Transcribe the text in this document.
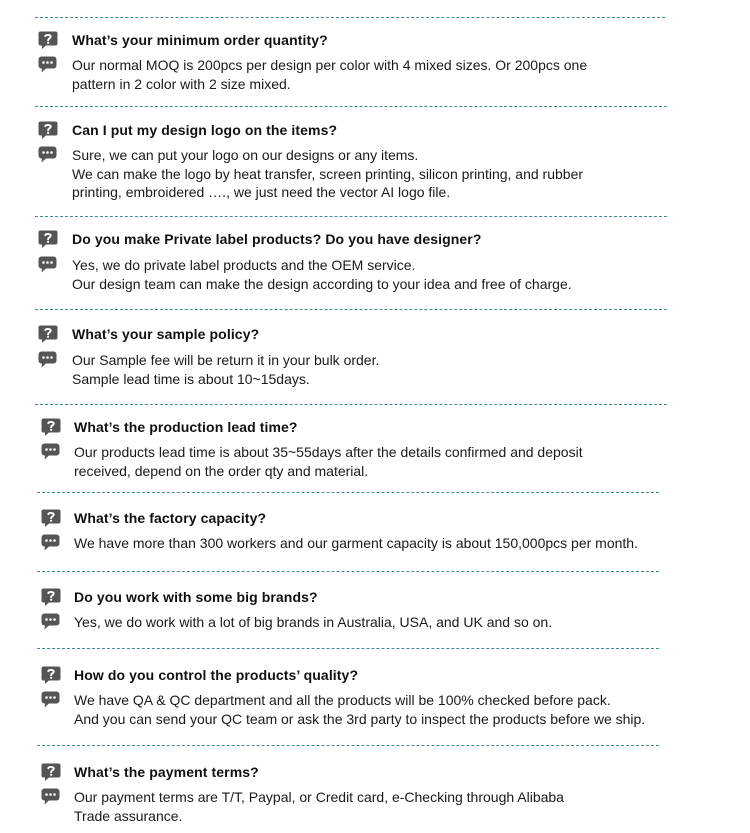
What’s your minimum order quantity?
Our normal MOQ is 200pcs per design per color with 4 mixed sizes. Or 200pcs one
pattern in 2 color with 2 size mixed.
Can I put my design logo on the items?
Sure, we can put your logo on our designs or any items.
We can make the logo by heat transfer, screen printing, silicon printing, and rubber
printing, embroidered …., we just need the vector AI logo file.
Do you make Private label products? Do you have designer?
Yes, we do private label products and the OEM service.
Our design team can make the design according to your idea and free of charge.
What’s your sample policy?
Our Sample fee will be return it in your bulk order.
Sample lead time is about 10~15days.
What’s the production lead time?
Our products lead time is about 35~55days after the details confirmed and deposit
received, depend on the order qty and material.
What’s the factory capacity?
We have more than 300 workers and our garment capacity is about 150,000pcs per month.
Do you work with some big brands?
Yes, we do work with a lot of big brands in Australia, USA, and UK and so on.
How do you control the products’ quality?
We have QA & QC department and all the products will be 100% checked before pack.
And you can send your QC team or ask the 3rd party to inspect the products before we ship.
What’s the payment terms?
Our payment terms are T/T, Paypal, or Credit card, e-Checking through Alibaba
Trade assurance.
